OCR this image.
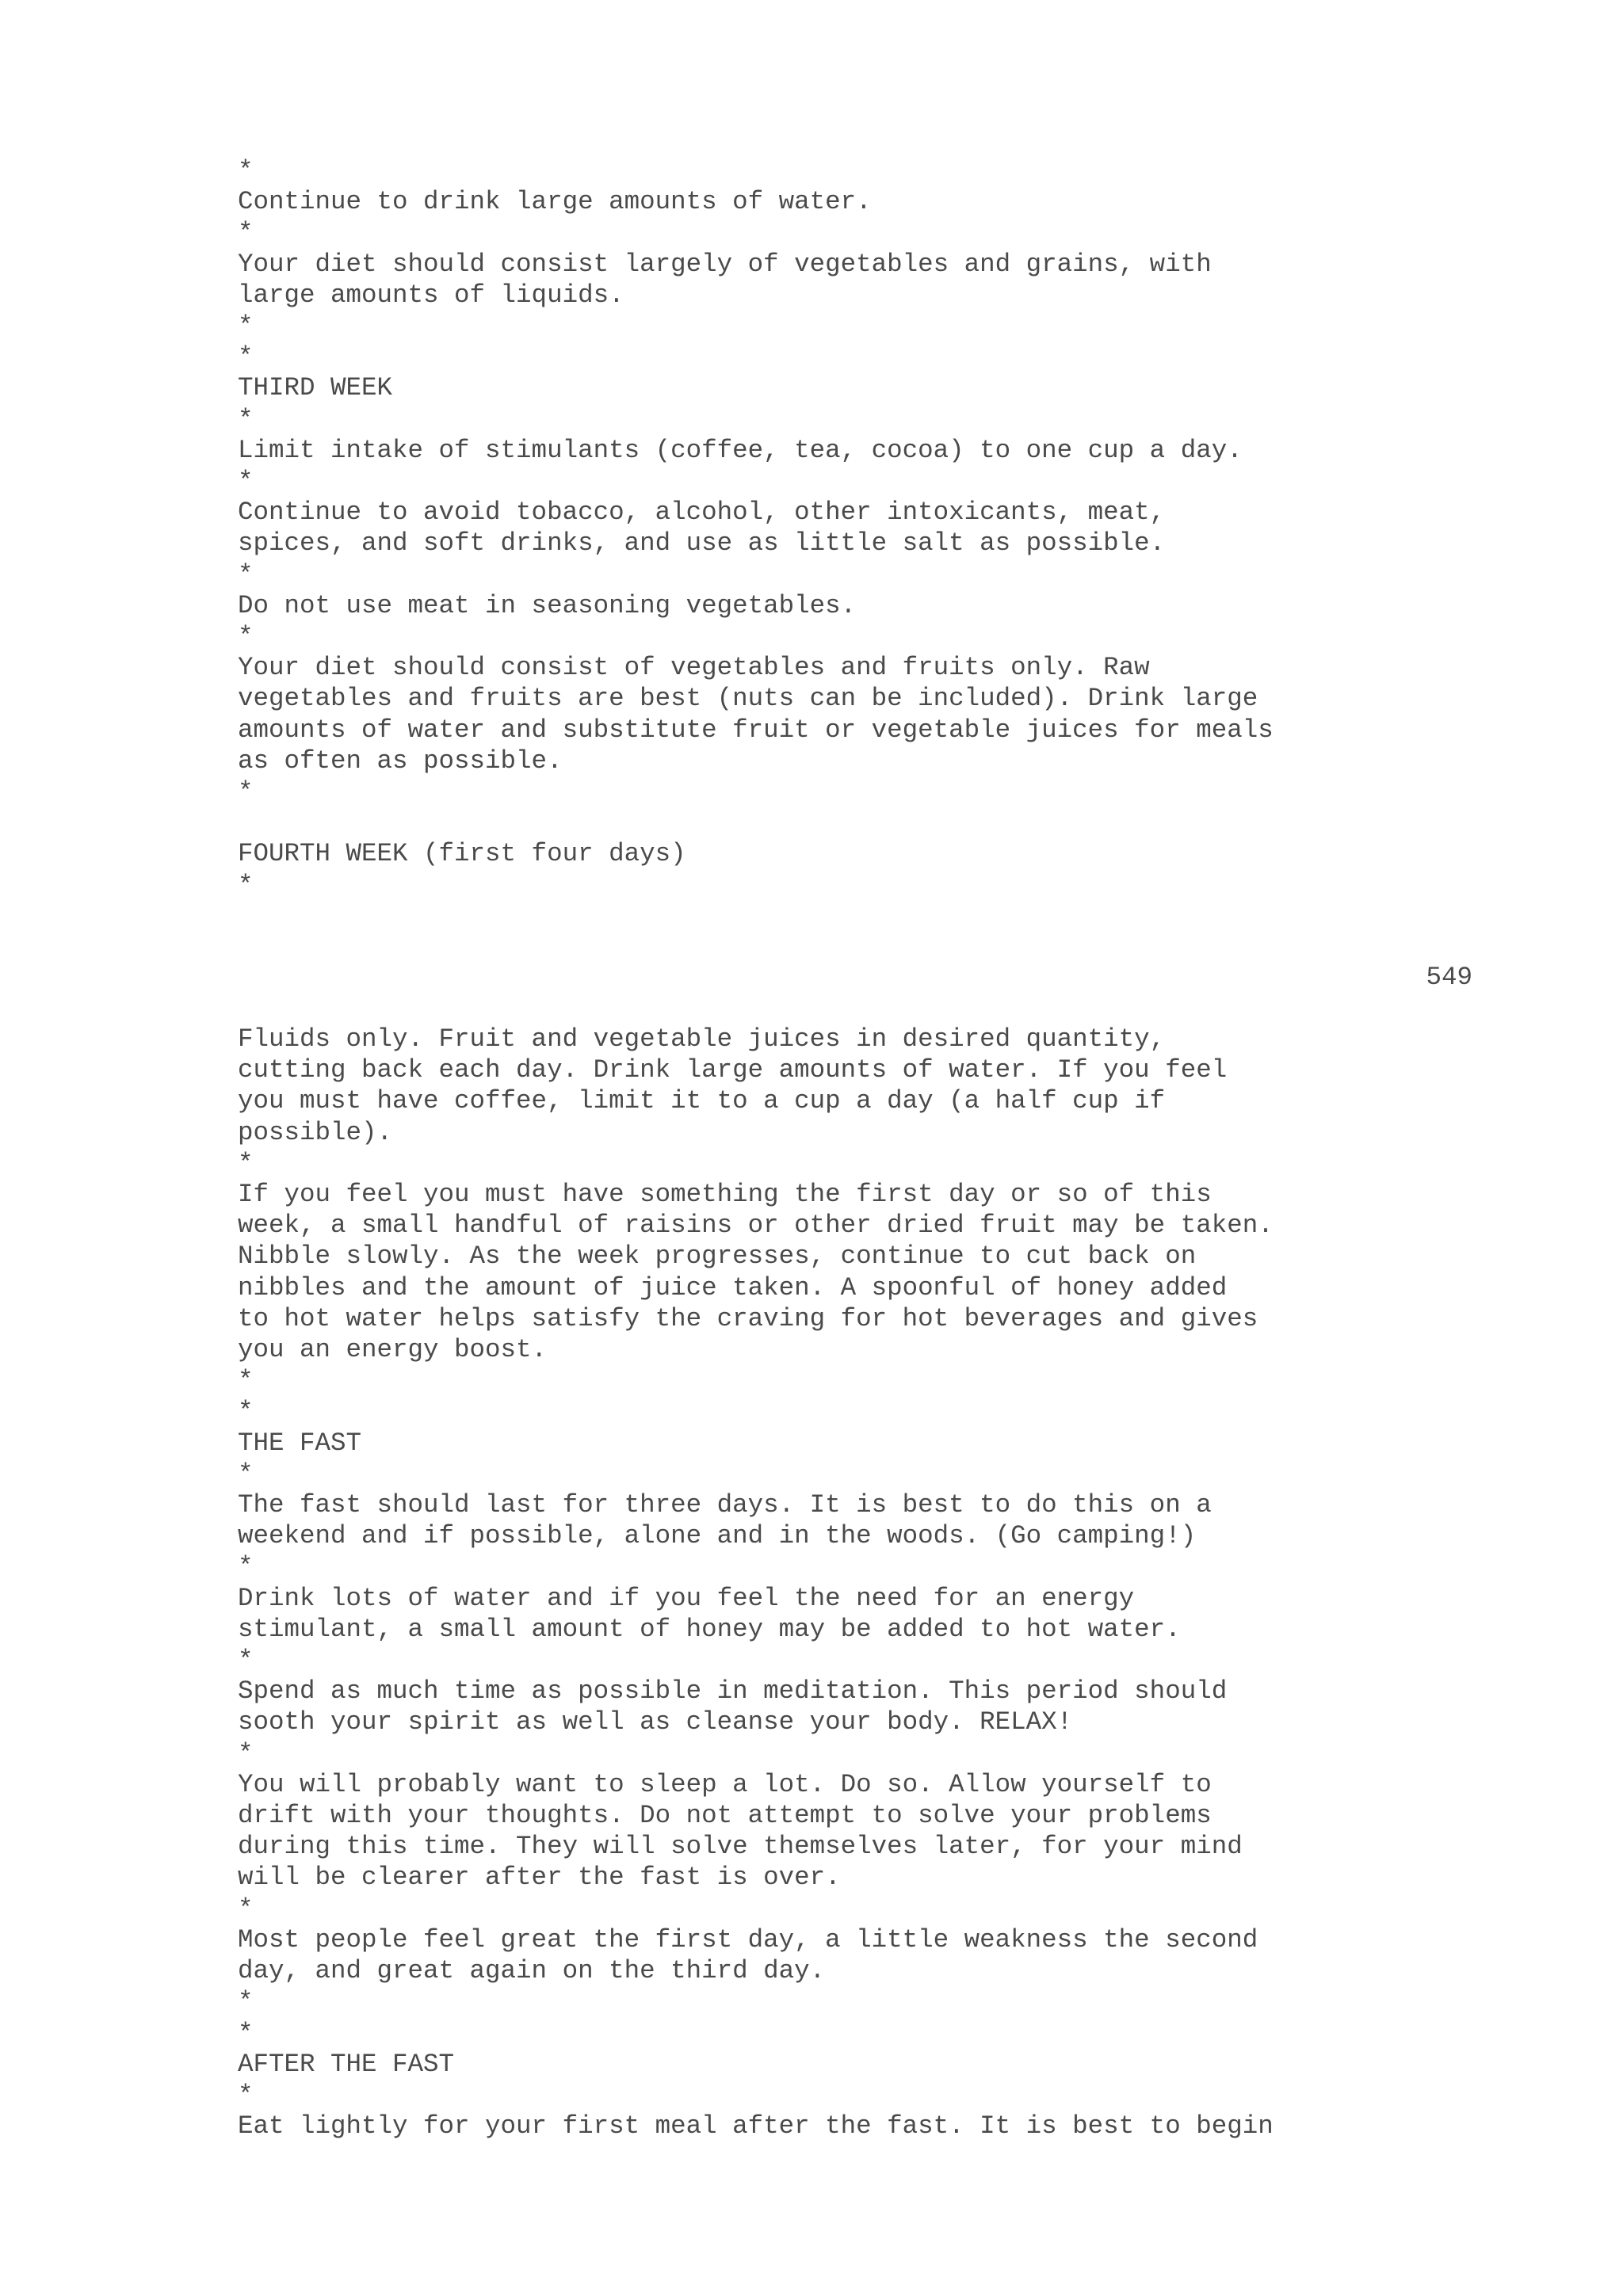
*
Continue to drink large amounts of water.
*
Your diet should consist largely of vegetables and grains, with
large amounts of liquids.
*
*
THIRD WEEK
*
Limit intake of stimulants (coffee, tea, cocoa) to one cup a day.
*
Continue to avoid tobacco, alcohol, other intoxicants, meat,
spices, and soft drinks, and use as little salt as possible.
*
Do not use meat in seasoning vegetables.
*
Your diet should consist of vegetables and fruits only. Raw
vegetables and fruits are best (nuts can be included). Drink large
amounts of water and substitute fruit or vegetable juices for meals
as often as possible.
*

FOURTH WEEK (first four days)
*
549
Fluids only. Fruit and vegetable juices in desired quantity,
cutting back each day. Drink large amounts of water. If you feel
you must have coffee, limit it to a cup a day (a half cup if
possible).
*
If you feel you must have something the first day or so of this
week, a small handful of raisins or other dried fruit may be taken.
Nibble slowly. As the week progresses, continue to cut back on
nibbles and the amount of juice taken. A spoonful of honey added
to hot water helps satisfy the craving for hot beverages and gives
you an energy boost.
*
*
THE FAST
*
The fast should last for three days. It is best to do this on a
weekend and if possible, alone and in the woods. (Go camping!)
*
Drink lots of water and if you feel the need for an energy
stimulant, a small amount of honey may be added to hot water.
*
Spend as much time as possible in meditation. This period should
sooth your spirit as well as cleanse your body. RELAX!
*
You will probably want to sleep a lot. Do so. Allow yourself to
drift with your thoughts. Do not attempt to solve your problems
during this time. They will solve themselves later, for your mind
will be clearer after the fast is over.
*
Most people feel great the first day, a little weakness the second
day, and great again on the third day.
*
*
AFTER THE FAST
*
Eat lightly for your first meal after the fast. It is best to begin
